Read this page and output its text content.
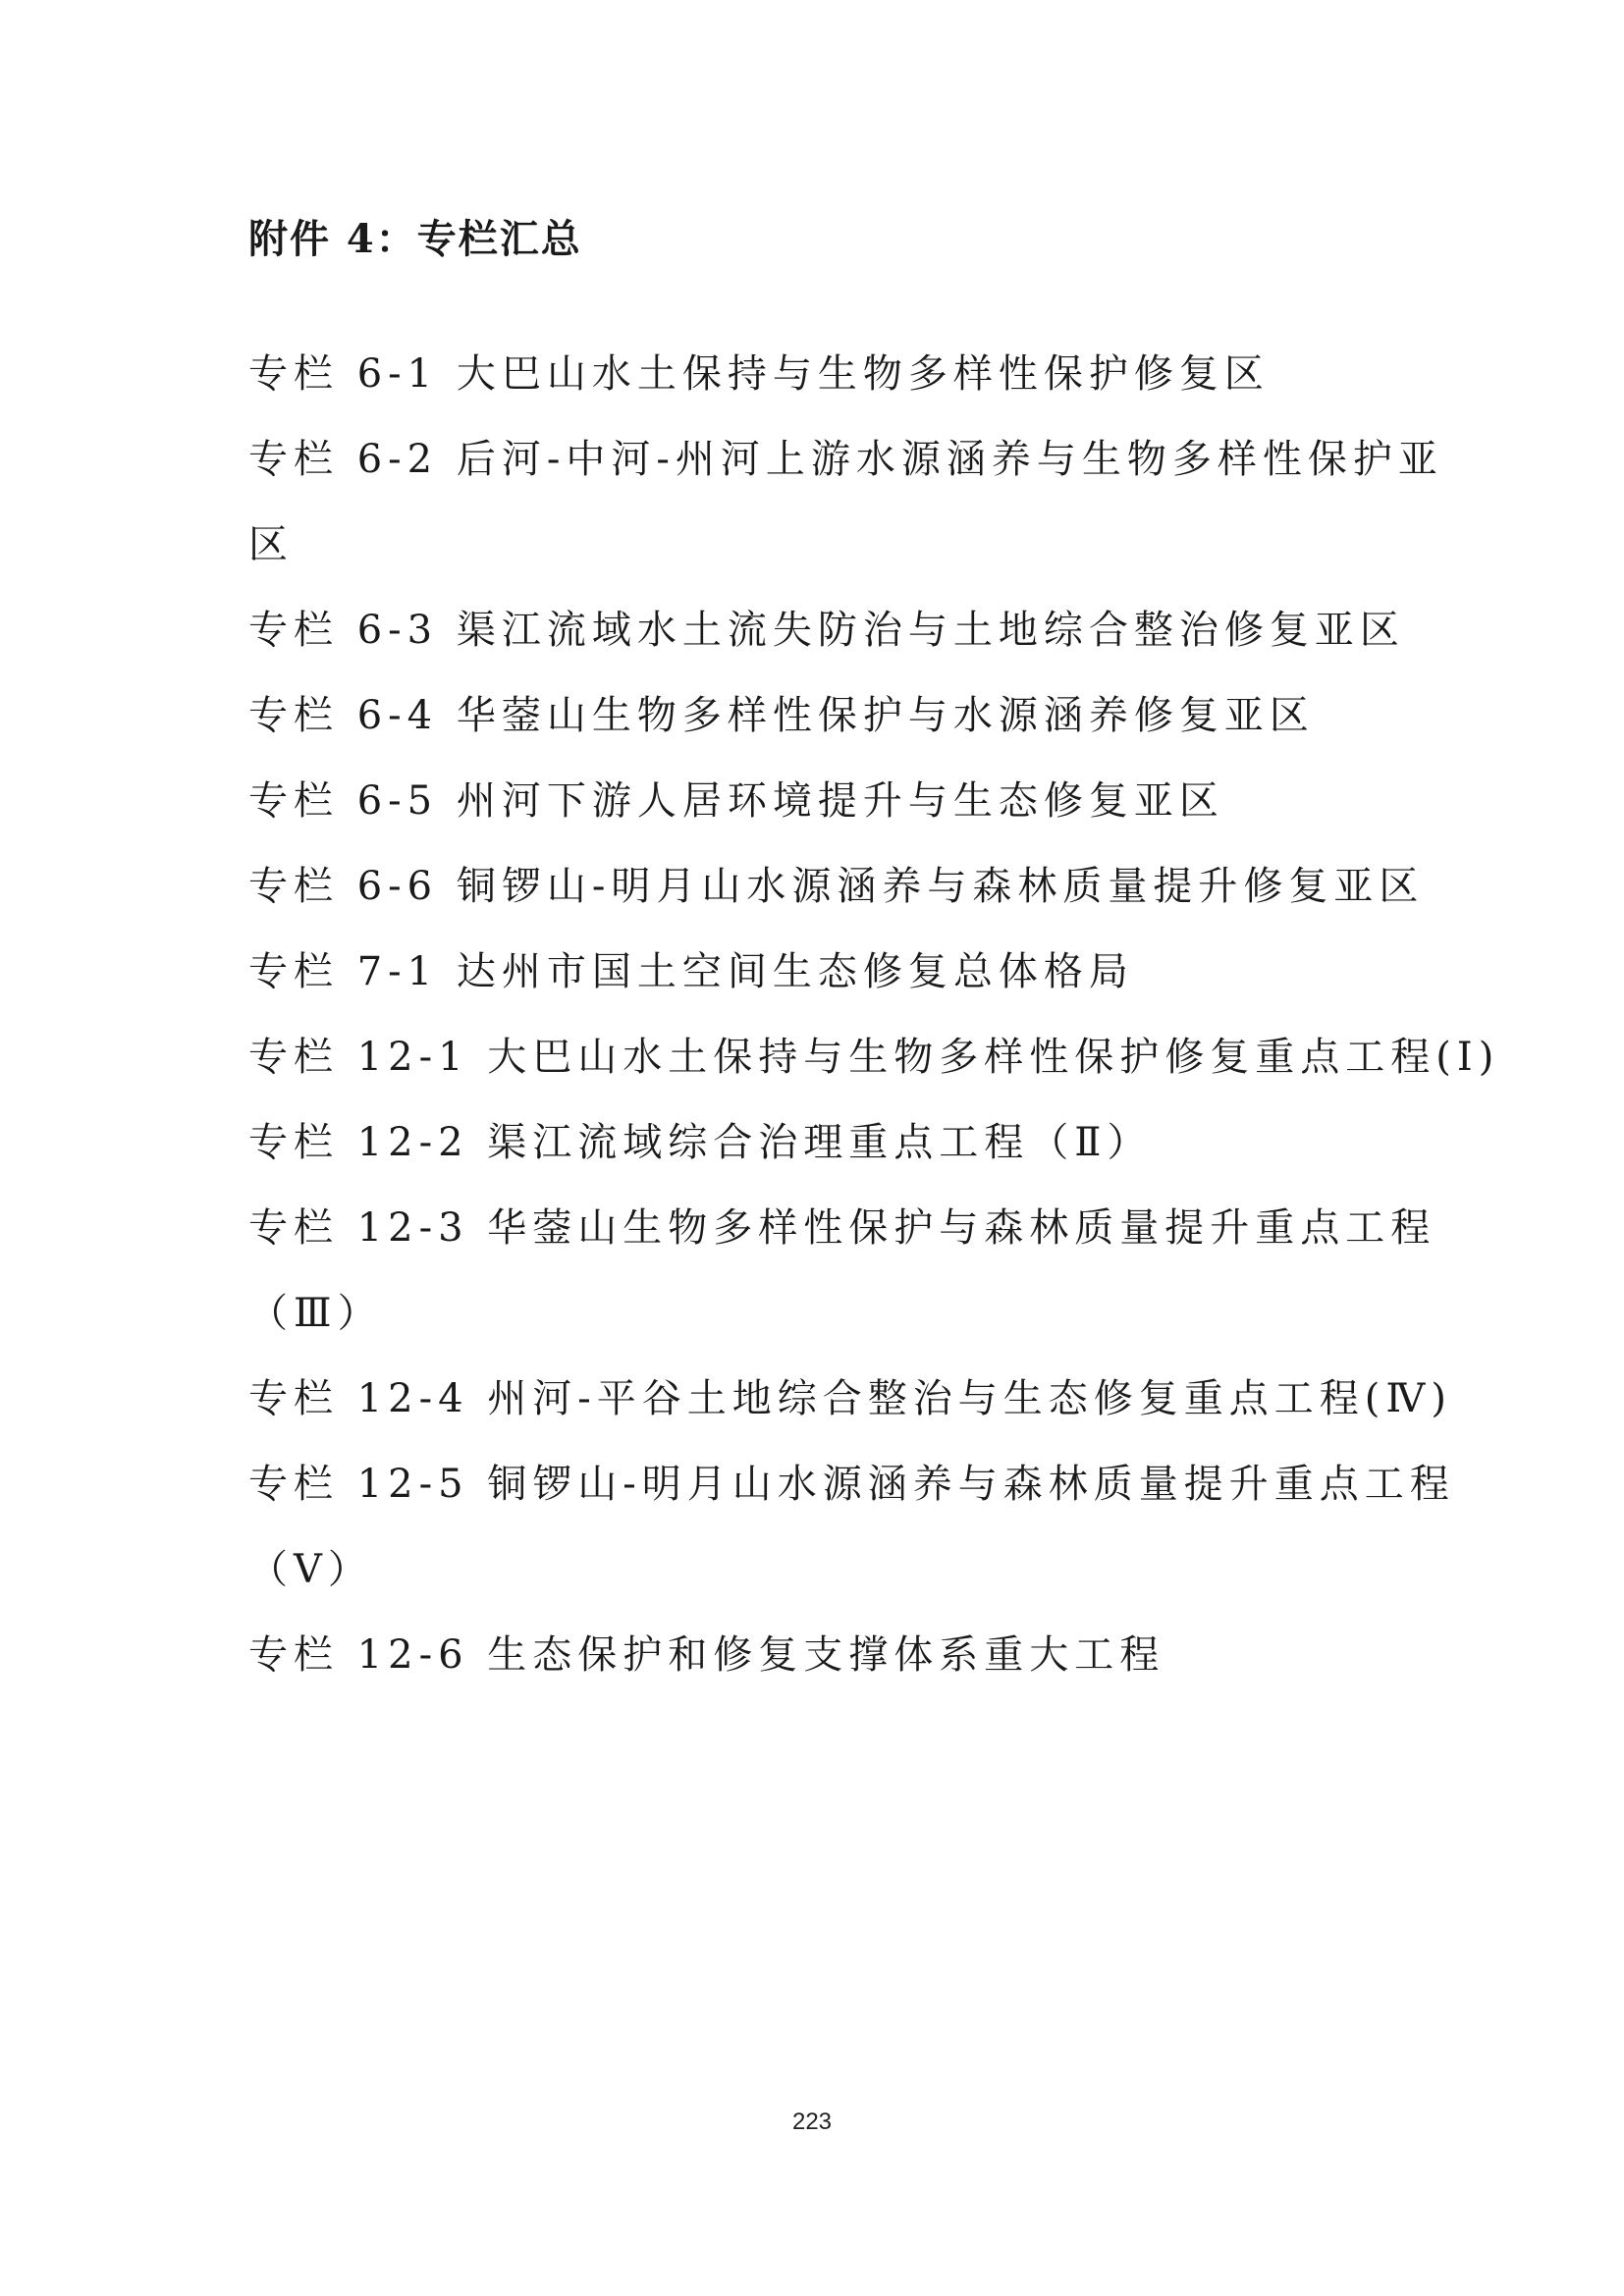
附件 4：专栏汇总
专栏 6-1 大巴山水土保持与生物多样性保护修复区
专栏 6-2 后河-中河-州河上游水源涵养与生物多样性保护亚
区
专栏 6-3 渠江流域水土流失防治与土地综合整治修复亚区
专栏 6-4 华蓥山生物多样性保护与水源涵养修复亚区
专栏 6-5 州河下游人居环境提升与生态修复亚区
专栏 6-6 铜锣山-明月山水源涵养与森林质量提升修复亚区
专栏 7-1 达州市国土空间生态修复总体格局
专栏 12-1 大巴山水土保持与生物多样性保护修复重点工程(Ⅰ)
专栏 12-2 渠江流域综合治理重点工程（Ⅱ）
专栏 12-3 华蓥山生物多样性保护与森林质量提升重点工程
（Ⅲ）
专栏 12-4 州河-平谷土地综合整治与生态修复重点工程(Ⅳ)
专栏 12-5 铜锣山-明月山水源涵养与森林质量提升重点工程
（Ⅴ）
专栏 12-6 生态保护和修复支撑体系重大工程
223
